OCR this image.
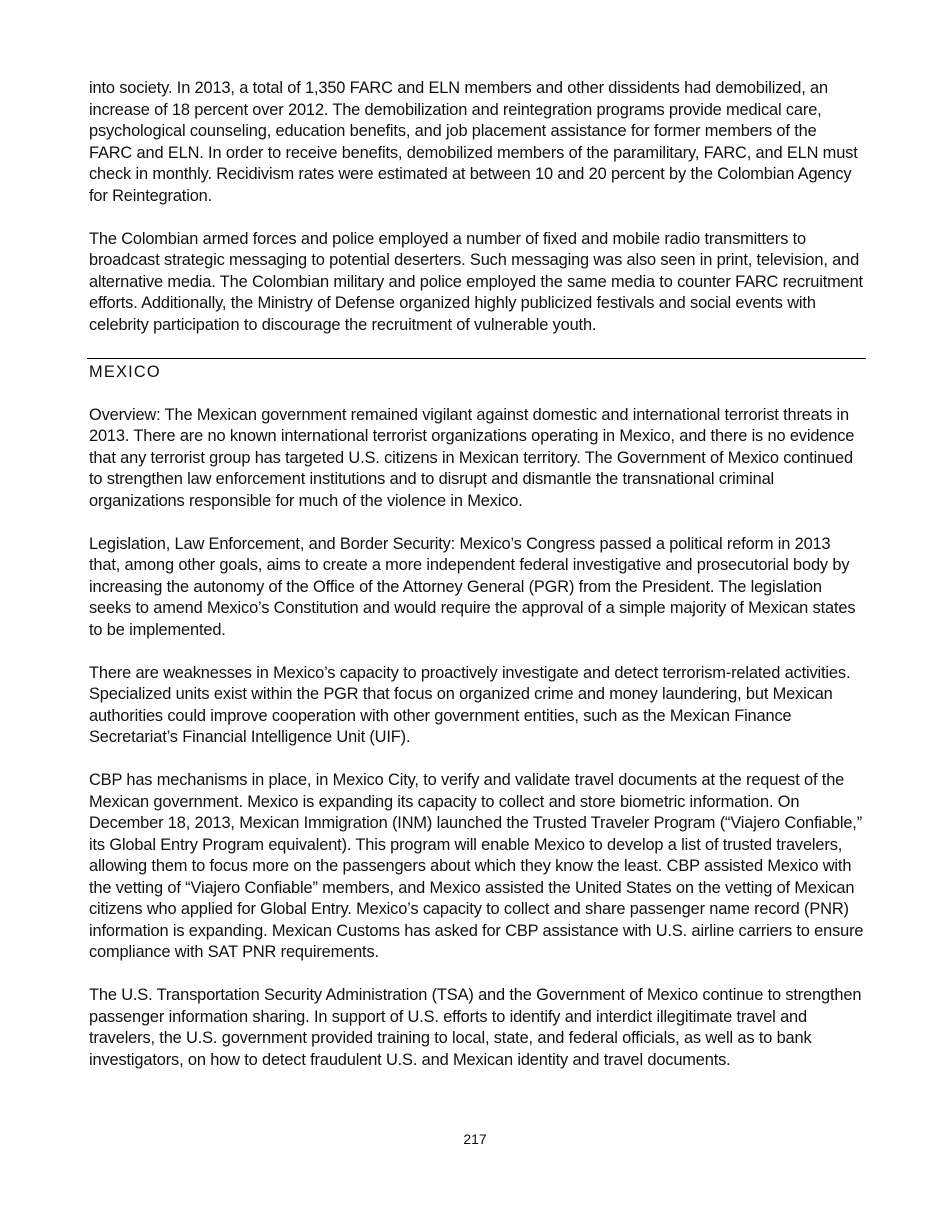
into society. In 2013, a total of 1,350 FARC and ELN members and other dissidents had demobilized, an increase of 18 percent over 2012. The demobilization and reintegration programs provide medical care, psychological counseling, education benefits, and job placement assistance for former members of the FARC and ELN. In order to receive benefits, demobilized members of the paramilitary, FARC, and ELN must check in monthly. Recidivism rates were estimated at between 10 and 20 percent by the Colombian Agency for Reintegration.

The Colombian armed forces and police employed a number of fixed and mobile radio transmitters to broadcast strategic messaging to potential deserters. Such messaging was also seen in print, television, and alternative media. The Colombian military and police employed the same media to counter FARC recruitment efforts. Additionally, the Ministry of Defense organized highly publicized festivals and social events with celebrity participation to discourage the recruitment of vulnerable youth.

MEXICO

Overview: The Mexican government remained vigilant against domestic and international terrorist threats in 2013. There are no known international terrorist organizations operating in Mexico, and there is no evidence that any terrorist group has targeted U.S. citizens in Mexican territory. The Government of Mexico continued to strengthen law enforcement institutions and to disrupt and dismantle the transnational criminal organizations responsible for much of the violence in Mexico.

Legislation, Law Enforcement, and Border Security: Mexico’s Congress passed a political reform in 2013 that, among other goals, aims to create a more independent federal investigative and prosecutorial body by increasing the autonomy of the Office of the Attorney General (PGR) from the President. The legislation seeks to amend Mexico’s Constitution and would require the approval of a simple majority of Mexican states to be implemented.

There are weaknesses in Mexico’s capacity to proactively investigate and detect terrorism-related activities. Specialized units exist within the PGR that focus on organized crime and money laundering, but Mexican authorities could improve cooperation with other government entities, such as the Mexican Finance Secretariat’s Financial Intelligence Unit (UIF).

CBP has mechanisms in place, in Mexico City, to verify and validate travel documents at the request of the Mexican government. Mexico is expanding its capacity to collect and store biometric information. On December 18, 2013, Mexican Immigration (INM) launched the Trusted Traveler Program (“Viajero Confiable,” its Global Entry Program equivalent). This program will enable Mexico to develop a list of trusted travelers, allowing them to focus more on the passengers about which they know the least. CBP assisted Mexico with the vetting of “Viajero Confiable” members, and Mexico assisted the United States on the vetting of Mexican citizens who applied for Global Entry. Mexico’s capacity to collect and share passenger name record (PNR) information is expanding. Mexican Customs has asked for CBP assistance with U.S. airline carriers to ensure compliance with SAT PNR requirements.

The U.S. Transportation Security Administration (TSA) and the Government of Mexico continue to strengthen passenger information sharing. In support of U.S. efforts to identify and interdict illegitimate travel and travelers, the U.S. government provided training to local, state, and federal officials, as well as to bank investigators, on how to detect fraudulent U.S. and Mexican identity and travel documents.

217
